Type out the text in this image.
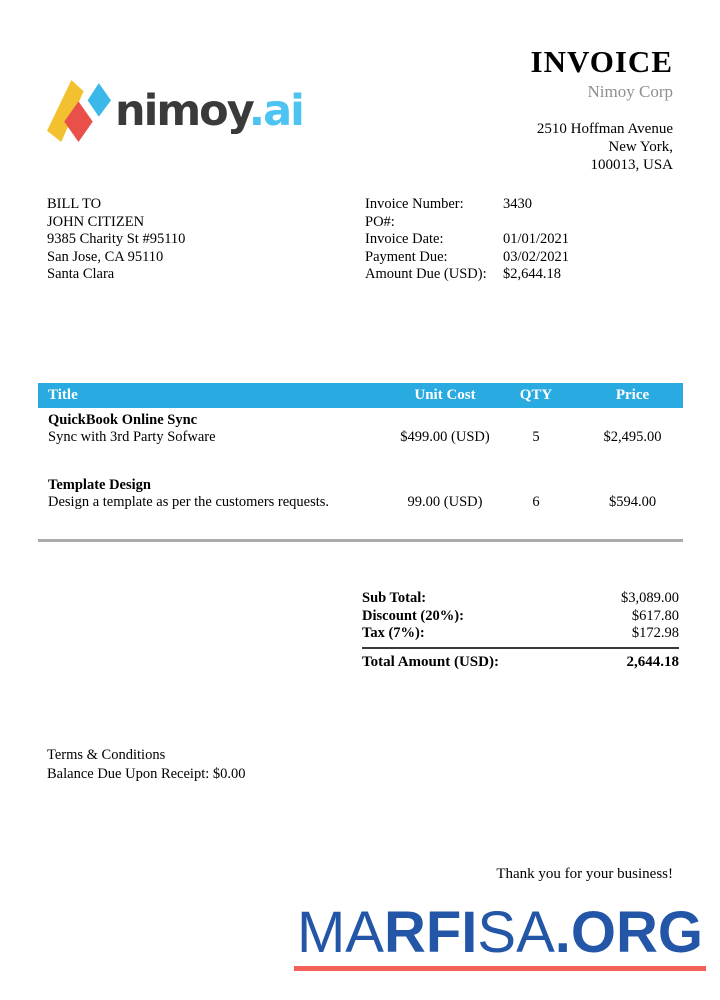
nimoy.ai
INVOICE
Nimoy Corp
2510 Hoffman Avenue
New York,
100013, USA
BILL TO
JOHN CITIZEN
9385 Charity St #95110
San Jose, CA 95110
Santa Clara
Invoice Number:	3430
PO#:
Invoice Date:	01/01/2021
Payment Due:	03/02/2021
Amount Due (USD):	$2,644.18
Title	Unit Cost	QTY	Price
QuickBook Online Sync
Sync with 3rd Party Sofware	$499.00 (USD)	5	$2,495.00
Template Design
Design a template as per the customers requests.	99.00 (USD)	6	$594.00
Sub Total:	$3,089.00
Discount (20%):	$617.80
Tax (7%):	$172.98
Total Amount (USD):	2,644.18
Terms & Conditions
Balance Due Upon Receipt: $0.00
Thank you for your business!
MARFISA.ORG
